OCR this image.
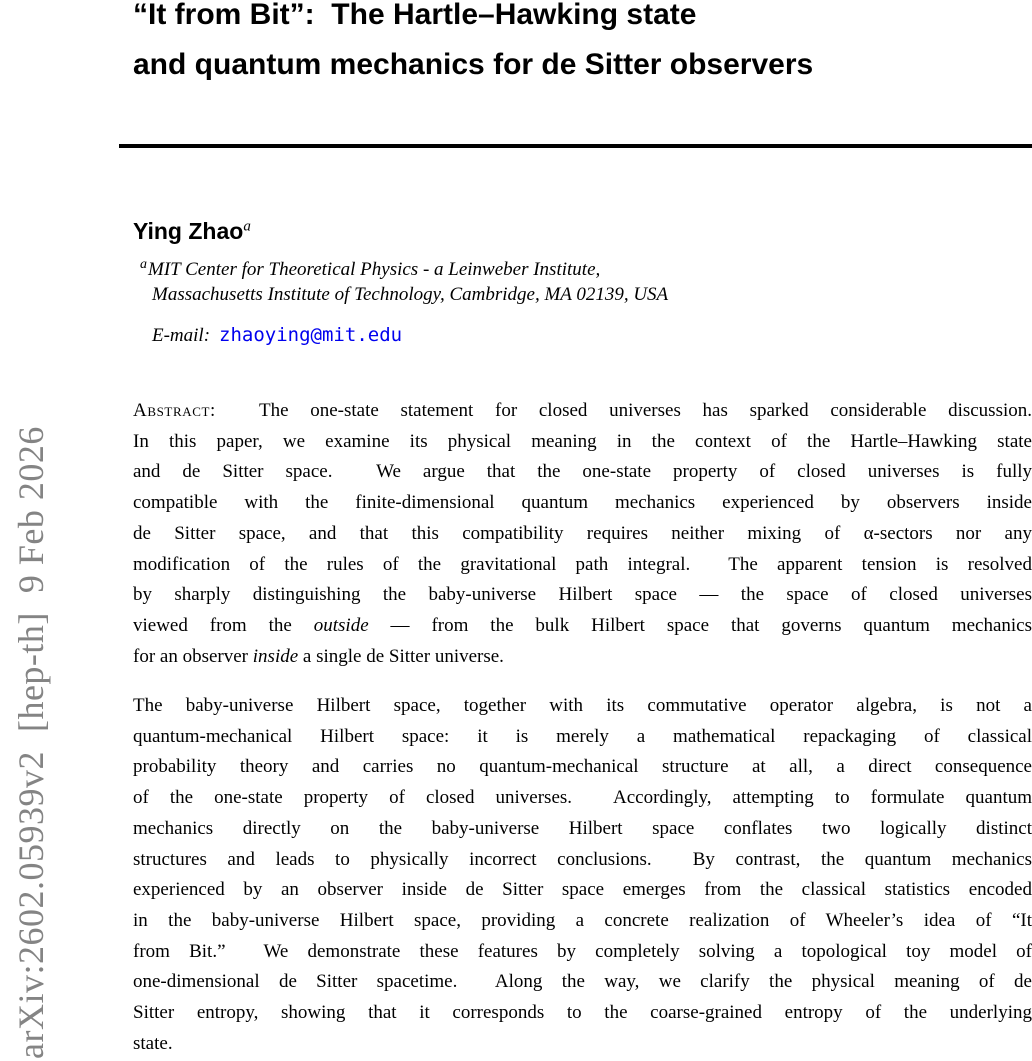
arXiv:2602.05939v2  [hep-th]  9 Feb 2026
“It from Bit”:  The Hartle–Hawking state
and quantum mechanics for de Sitter observers
Ying Zhao$^a$
$^a$MIT Center for Theoretical Physics - a Leinweber Institute,
Massachusetts Institute of Technology, Cambridge, MA 02139, USA
E-mail: zhaoying@mit.edu
Abstract:  The one-state statement for closed universes has sparked considerable discussion.
In this paper, we examine its physical meaning in the context of the Hartle–Hawking state
and de Sitter space.  We argue that the one-state property of closed universes is fully
compatible with the finite-dimensional quantum mechanics experienced by observers inside
de Sitter space, and that this compatibility requires neither mixing of α-sectors nor any
modification of the rules of the gravitational path integral.  The apparent tension is resolved
by sharply distinguishing the baby-universe Hilbert space — the space of closed universes
viewed from the outside — from the bulk Hilbert space that governs quantum mechanics
for an observer inside a single de Sitter universe.
The baby-universe Hilbert space, together with its commutative operator algebra, is not a
quantum-mechanical Hilbert space: it is merely a mathematical repackaging of classical
probability theory and carries no quantum-mechanical structure at all, a direct consequence
of the one-state property of closed universes.  Accordingly, attempting to formulate quantum
mechanics directly on the baby-universe Hilbert space conflates two logically distinct
structures and leads to physically incorrect conclusions.  By contrast, the quantum mechanics
experienced by an observer inside de Sitter space emerges from the classical statistics encoded
in the baby-universe Hilbert space, providing a concrete realization of Wheeler’s idea of “It
from Bit.”  We demonstrate these features by completely solving a topological toy model of
one-dimensional de Sitter spacetime.  Along the way, we clarify the physical meaning of de
Sitter entropy, showing that it corresponds to the coarse-grained entropy of the underlying
state.
